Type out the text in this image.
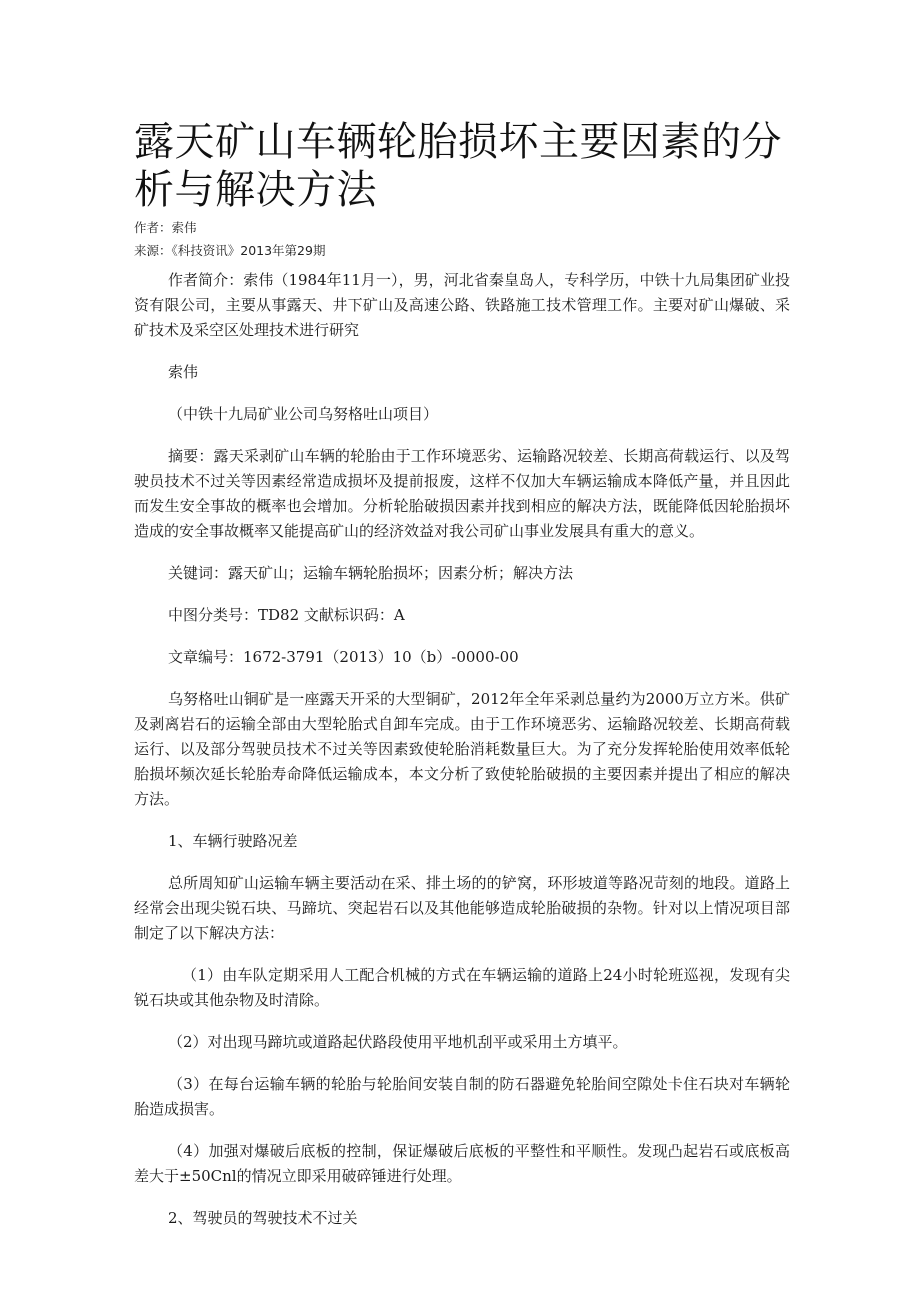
露天矿山车辆轮胎损坏主要因素的分析与解决方法
作者：索伟
来源：《科技资讯》2013年第29期

作者简介：索伟（1984年11月一），男，河北省秦皇岛人，专科学历，中铁十九局集团矿业投资有限公司，主要从事露天、井下矿山及高速公路、铁路施工技术管理工作。主要对矿山爆破、采矿技术及采空区处理技术进行研究

索伟

（中铁十九局矿业公司乌努格吐山项目）

摘要：露天采剥矿山车辆的轮胎由于工作环境恶劣、运输路况较差、长期高荷载运行、以及驾驶员技术不过关等因素经常造成损坏及提前报废，这样不仅加大车辆运输成本降低产量，并且因此而发生安全事故的概率也会增加。分析轮胎破损因素并找到相应的解决方法，既能降低因轮胎损坏造成的安全事故概率又能提高矿山的经济效益对我公司矿山事业发展具有重大的意义。

关键词：露天矿山；运输车辆轮胎损坏；因素分析；解决方法

中图分类号：TD82 文献标识码：A

文章编号：1672-3791（2013）10（b）-0000-00

乌努格吐山铜矿是一座露天开采的大型铜矿，2012年全年采剥总量约为2000万立方米。供矿及剥离岩石的运输全部由大型轮胎式自卸车完成。由于工作环境恶劣、运输路况较差、长期高荷载运行、以及部分驾驶员技术不过关等因素致使轮胎消耗数量巨大。为了充分发挥轮胎使用效率低轮胎损坏频次延长轮胎寿命降低运输成本，本文分析了致使轮胎破损的主要因素并提出了相应的解决方法。

1、车辆行驶路况差

总所周知矿山运输车辆主要活动在采、排土场的的铲窝，环形坡道等路况苛刻的地段。道路上经常会出现尖锐石块、马蹄坑、突起岩石以及其他能够造成轮胎破损的杂物。针对以上情况项目部制定了以下解决方法：

（1）由车队定期采用人工配合机械的方式在车辆运输的道路上24小时轮班巡视，发现有尖锐石块或其他杂物及时清除。

（2）对出现马蹄坑或道路起伏路段使用平地机刮平或采用土方填平。

（3）在每台运输车辆的轮胎与轮胎间安装自制的防石器避免轮胎间空隙处卡住石块对车辆轮胎造成损害。

（4）加强对爆破后底板的控制，保证爆破后底板的平整性和平顺性。发现凸起岩石或底板高差大于±50Cnl的情况立即采用破碎锤进行处理。

2、驾驶员的驾驶技术不过关
